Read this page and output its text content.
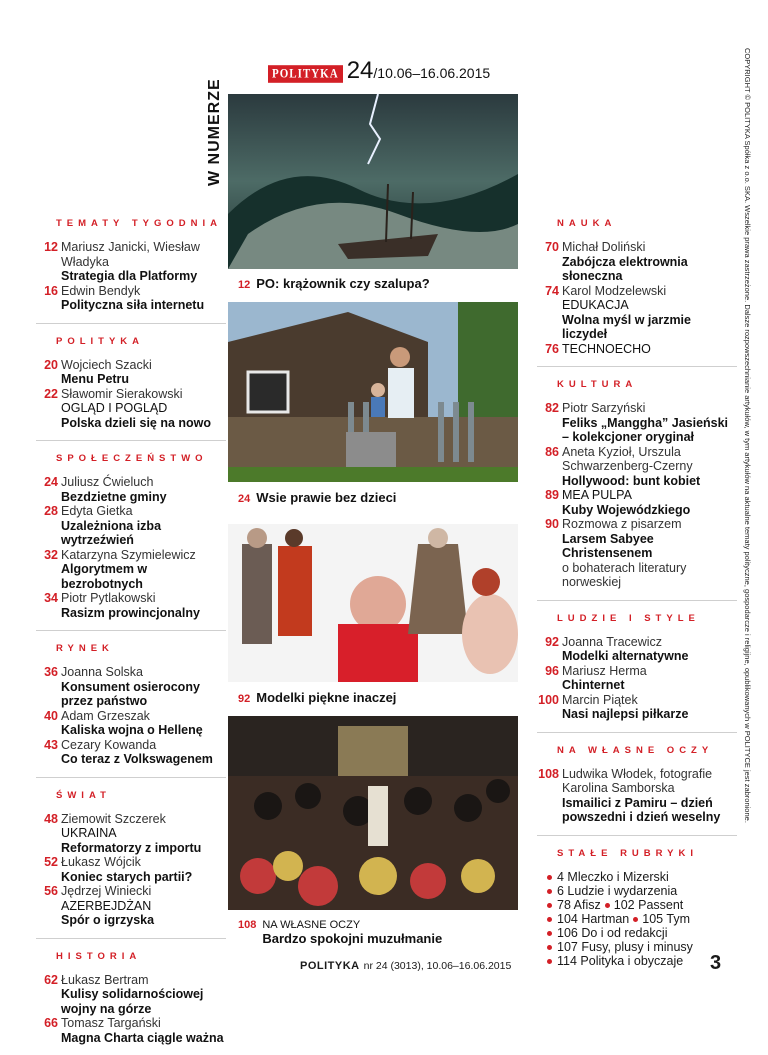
W NUMERZE	COPYRIGHT © POLITYKA Spółka z o.o. SKA. Wszelkie prawa zastrzeżone. Dalsze rozpowszechnianie artykułów, w tym artykułów na aktualne tematy polityczne, gospodarcze i religijne, opublikowanych w POLITYCE jest zabronione.
POLITYKA 24 /10.06–16.06.2015
12 PO: krążownik czy szalupa?
24 Wsie prawie bez dzieci
92 Modelki piękne inaczej
108 NA WŁASNE OCZY
Bardzo spokojni muzułmanie
TEMATY TYGODNIA
12 Mariusz Janicki, Wiesław Władyka
Strategia dla Platformy
16 Edwin Bendyk
Polityczna siła internetu
POLITYKA
20 Wojciech Szacki
Menu Petru
22 Sławomir Sierakowski
OGLĄD I POGLĄD
Polska dzieli się na nowo
SPOŁECZEŃSTWO
24 Juliusz Ćwieluch
Bezdzietne gminy
28 Edyta Gietka
Uzależniona izba wytrzeźwień
32 Katarzyna Szymielewicz
Algorytmem w bezrobotnych
34 Piotr Pytlakowski
Rasizm prowincjonalny
RYNEK
36 Joanna Solska
Konsument osierocony przez państwo
40 Adam Grzeszak
Kaliska wojna o Hellenę
43 Cezary Kowanda
Co teraz z Volkswagenem
ŚWIAT
48 Ziemowit Szczerek
UKRAINA
Reformatorzy z importu
52 Łukasz Wójcik
Koniec starych partii?
56 Jędrzej Winiecki
AZERBEJDŻAN
Spór o igrzyska
HISTORIA
62 Łukasz Bertram
Kulisy solidarnościowej wojny na górze
66 Tomasz Targański
Magna Charta ciągle ważna
NAUKA
70 Michał Doliński
Zabójcza elektrownia słoneczna
74 Karol Modzelewski
EDUKACJA
Wolna myśl w jarzmie liczydeł
76 TECHNOECHO
KULTURA
82 Piotr Sarzyński
Feliks „Manggha” Jasieński – kolekcjoner oryginał
86 Aneta Kyzioł, Urszula Schwarzenberg-Czerny
Hollywood: bunt kobiet
89 MEA PULPA
Kuby Wojewódzkiego
90 Rozmowa z pisarzem
Larsem Sabyee Christensenem
o bohaterach literatury norweskiej
LUDZIE I STYLE
92 Joanna Tracewicz
Modelki alternatywne
96 Mariusz Herma
Chinternet
100 Marcin Piątek
Nasi najlepsi piłkarze
NA WŁASNE OCZY
108 Ludwika Włodek, fotografie Karolina Samborska
Ismailici z Pamiru – dzień powszedni i dzień weselny
STAŁE RUBRYKI
4 Mleczko i Mizerski
6 Ludzie i wydarzenia
78 Afisz 102 Passent
104 Hartman 105 Tym
106 Do i od redakcji
107 Fusy, plusy i minusy
114 Polityka i obyczaje
POLITYKA nr 24 (3013), 10.06–16.06.2015	3
